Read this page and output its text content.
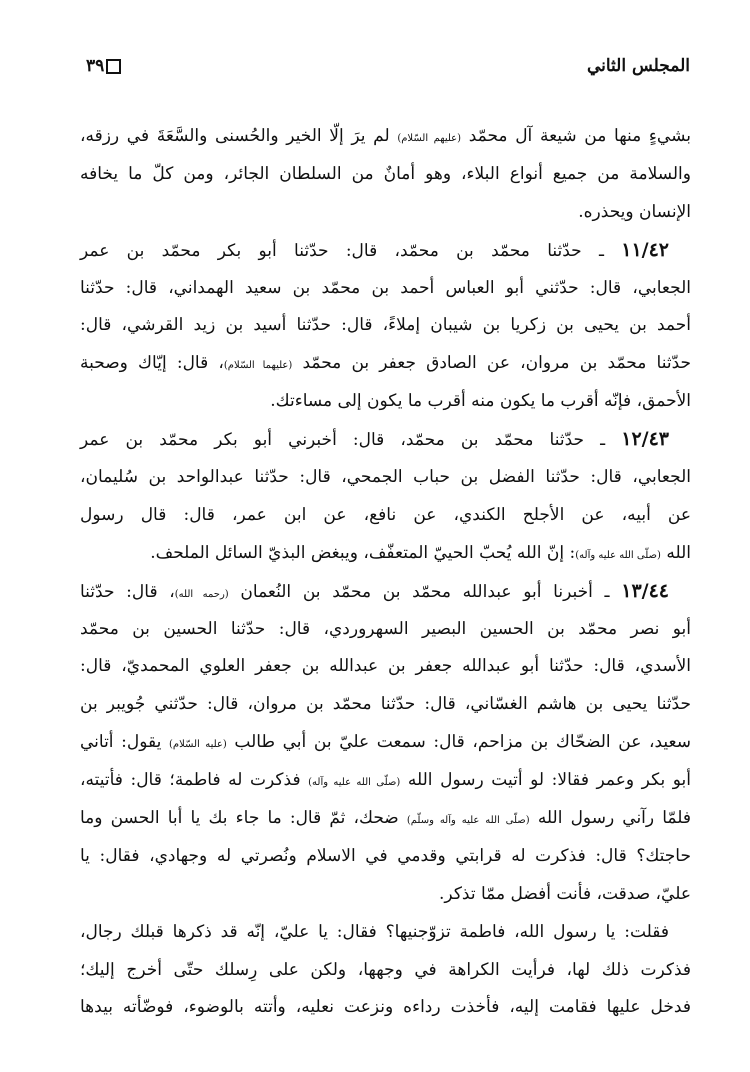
المجلس الثاني
٣٩
بشيءٍ منها من شيعة آل محمّد (عليهم السّلام) لم يرَ إلّا الخير والحُسنى والسَّعَةَ في رزقه،
والسلامة من جميع أنواع البلاء، وهو أمانٌ من السلطان الجائر، ومن كلّ ما يخافه
الإنسان ويحذره.
١١/٤٢ ـ حدّثنا محمّد بن محمّد، قال: حدّثنا أبو بكر محمّد بن عمر
الجعابي، قال: حدّثني أبو العباس أحمد بن محمّد بن سعيد الهمداني، قال: حدّثنا
أحمد بن يحيى بن زكريا بن شيبان إملاءً، قال: حدّثنا أسيد بن زيد القرشي، قال:
حدّثنا محمّد بن مروان، عن الصادق جعفر بن محمّد (عليهما السّلام)، قال: إيّاك وصحبة
الأحمق، فإنّه أقرب ما يكون منه أقرب ما يكون إلى مساءتك.
١٢/٤٣ ـ حدّثنا محمّد بن محمّد، قال: أخبرني أبو بكر محمّد بن عمر
الجعابي، قال: حدّثنا الفضل بن حباب الجمحي، قال: حدّثنا عبدالواحد بن سُليمان،
عن أبيه، عن الأجلح الكندي، عن نافع، عن ابن عمر، قال: قال رسول
الله (صلّى الله عليه وآله): إنّ الله يُحبّ الحييّ المتعفّف، ويبغض البذيّ السائل الملحف.
١٣/٤٤ ـ أخبرنا أبو عبدالله محمّد بن محمّد بن النُعمان (رحمه الله)، قال: حدّثنا
أبو نصر محمّد بن الحسين البصير السهروردي، قال: حدّثنا الحسين بن محمّد
الأسدي، قال: حدّثنا أبو عبدالله جعفر بن عبدالله بن جعفر العلوي المحمديّ، قال:
حدّثنا يحيى بن هاشم الغسّاني، قال: حدّثنا محمّد بن مروان، قال: حدّثني جُويبر بن
سعيد، عن الضحّاك بن مزاحم، قال: سمعت عليّ بن أبي طالب (عليه السّلام) يقول: أتاني
أبو بكر وعمر فقالا: لو أتيت رسول الله (صلّى الله عليه وآله) فذكرت له فاطمة؛ قال: فأتيته،
فلمّا رآني رسول الله (صلّى الله عليه وآله وسلّم) ضحك، ثمّ قال: ما جاء بك يا أبا الحسن وما
حاجتك؟ قال: فذكرت له قرابتي وقدمي في الاسلام ونُصرتي له وجهادي، فقال: يا
عليّ، صدقت، فأنت أفضل ممّا تذكر.
فقلت: يا رسول الله، فاطمة تزوّجنيها؟ فقال: يا عليّ، إنّه قد ذكرها قبلك رجال،
فذكرت ذلك لها، فرأيت الكراهة في وجهها، ولكن على رِسلك حتّى أخرج إليك؛
فدخل عليها فقامت إليه، فأخذت رداءه ونزعت نعليه، وأتته بالوضوء، فوضّأته بيدها
